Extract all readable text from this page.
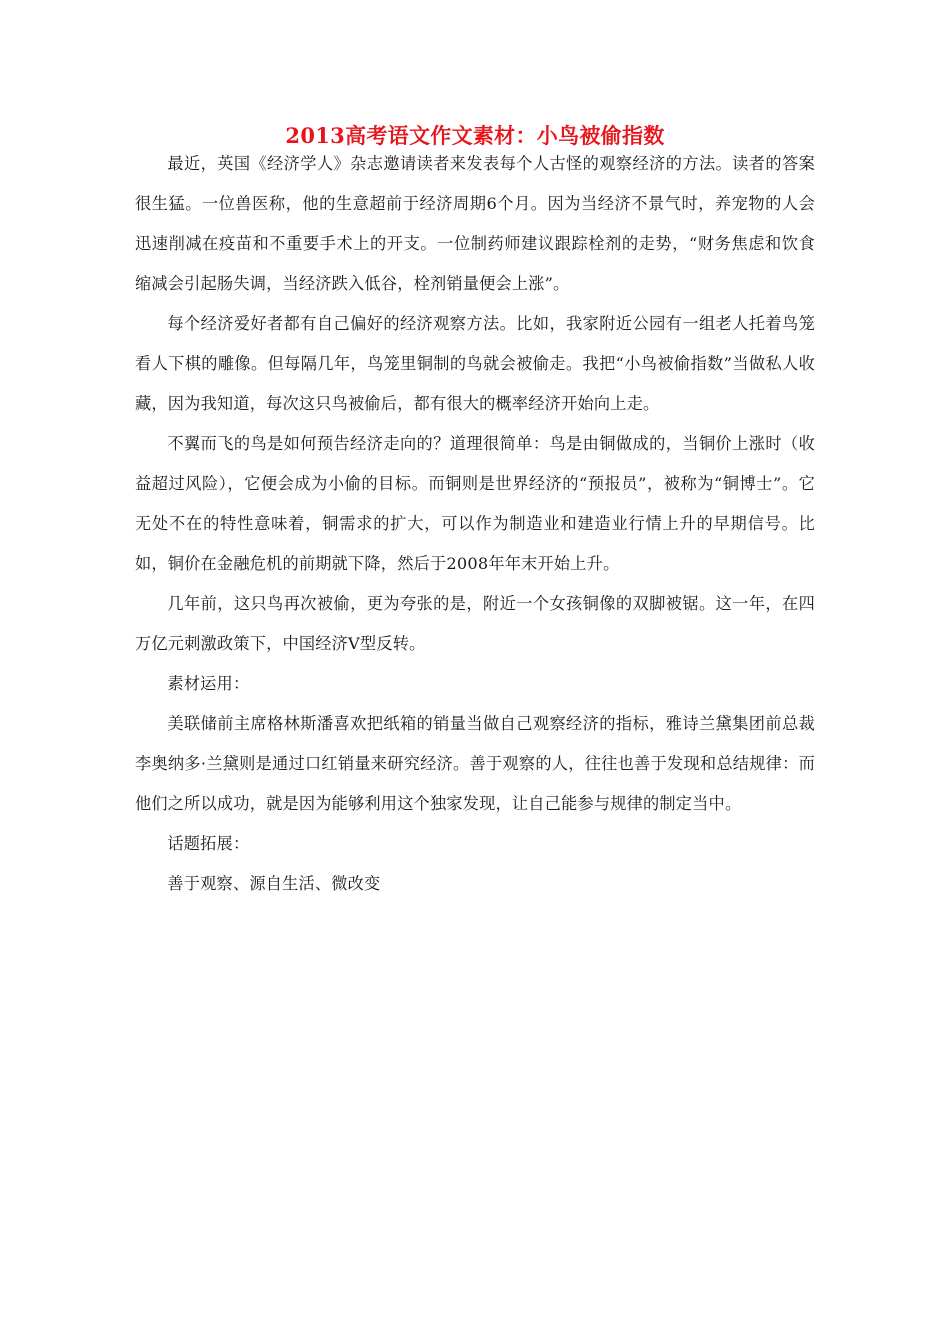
2013高考语文作文素材：小鸟被偷指数

最近，英国《经济学人》杂志邀请读者来发表每个人古怪的观察经济的方法。读者的答案很生猛。一位兽医称，他的生意超前于经济周期6个月。因为当经济不景气时，养宠物的人会迅速削减在疫苗和不重要手术上的开支。一位制药师建议跟踪栓剂的走势，“财务焦虑和饮食缩减会引起肠失调，当经济跌入低谷，栓剂销量便会上涨”。

每个经济爱好者都有自己偏好的经济观察方法。比如，我家附近公园有一组老人托着鸟笼看人下棋的雕像。但每隔几年，鸟笼里铜制的鸟就会被偷走。我把“小鸟被偷指数”当做私人收藏，因为我知道，每次这只鸟被偷后，都有很大的概率经济开始向上走。

不翼而飞的鸟是如何预告经济走向的？道理很简单：鸟是由铜做成的，当铜价上涨时（收益超过风险），它便会成为小偷的目标。而铜则是世界经济的“预报员”，被称为“铜博士”。它无处不在的特性意味着，铜需求的扩大，可以作为制造业和建造业行情上升的早期信号。比如，铜价在金融危机的前期就下降，然后于2008年年末开始上升。

几年前，这只鸟再次被偷，更为夸张的是，附近一个女孩铜像的双脚被锯。这一年，在四万亿元刺激政策下，中国经济V型反转。

素材运用：

美联储前主席格林斯潘喜欢把纸箱的销量当做自己观察经济的指标，雅诗兰黛集团前总裁李奥纳多·兰黛则是通过口红销量来研究经济。善于观察的人，往往也善于发现和总结规律：而他们之所以成功，就是因为能够利用这个独家发现，让自己能参与规律的制定当中。

话题拓展：

善于观察、源自生活、微改变
